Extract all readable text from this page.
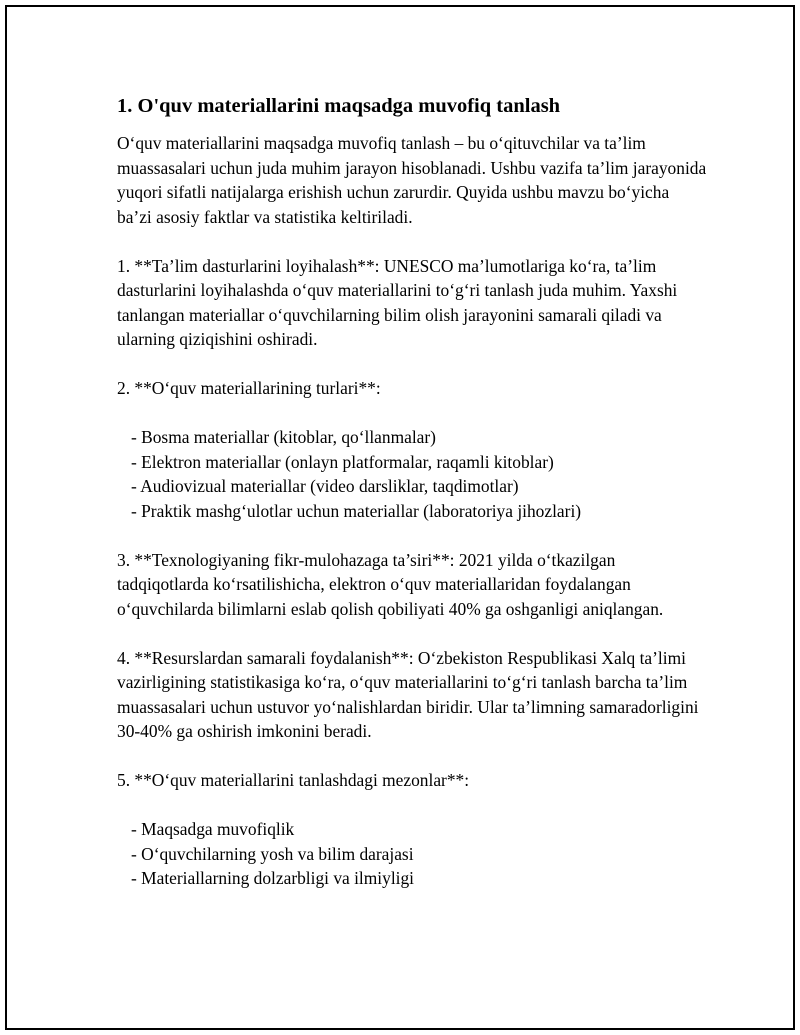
1. O'quv materiallarini maqsadga muvofiq tanlash

O‘quv materiallarini maqsadga muvofiq tanlash – bu o‘qituvchilar va ta’lim muassasalari uchun juda muhim jarayon hisoblanadi. Ushbu vazifa ta’lim jarayonida yuqori sifatli natijalarga erishish uchun zarurdir. Quyida ushbu mavzu bo‘yicha ba’zi asosiy faktlar va statistika keltiriladi.

1. **Ta’lim dasturlarini loyihalash**: UNESCO ma’lumotlariga ko‘ra, ta’lim dasturlarini loyihalashda o‘quv materiallarini to‘g‘ri tanlash juda muhim. Yaxshi tanlangan materiallar o‘quvchilarning bilim olish jarayonini samarali qiladi va ularning qiziqishini oshiradi.

2. **O‘quv materiallarining turlari**:

- Bosma materiallar (kitoblar, qo‘llanmalar)
- Elektron materiallar (onlayn platformalar, raqamli kitoblar)
- Audiovizual materiallar (video darsliklar, taqdimotlar)
- Praktik mashg‘ulotlar uchun materiallar (laboratoriya jihozlari)

3. **Texnologiyaning fikr-mulohazaga ta’siri**: 2021 yilda o‘tkazilgan tadqiqotlarda ko‘rsatilishicha, elektron o‘quv materiallaridan foydalangan o‘quvchilarda bilimlarni eslab qolish qobiliyati 40% ga oshganligi aniqlangan.

4. **Resurslardan samarali foydalanish**: O‘zbekiston Respublikasi Xalq ta’limi vazirligining statistikasiga ko‘ra, o‘quv materiallarini to‘g‘ri tanlash barcha ta’lim muassasalari uchun ustuvor yo‘nalishlardan biridir. Ular ta’limning samaradorligini 30-40% ga oshirish imkonini beradi.

5. **O‘quv materiallarini tanlashdagi mezonlar**:

- Maqsadga muvofiqlik
- O‘quvchilarning yosh va bilim darajasi
- Materiallarning dolzarbligi va ilmiyligi
